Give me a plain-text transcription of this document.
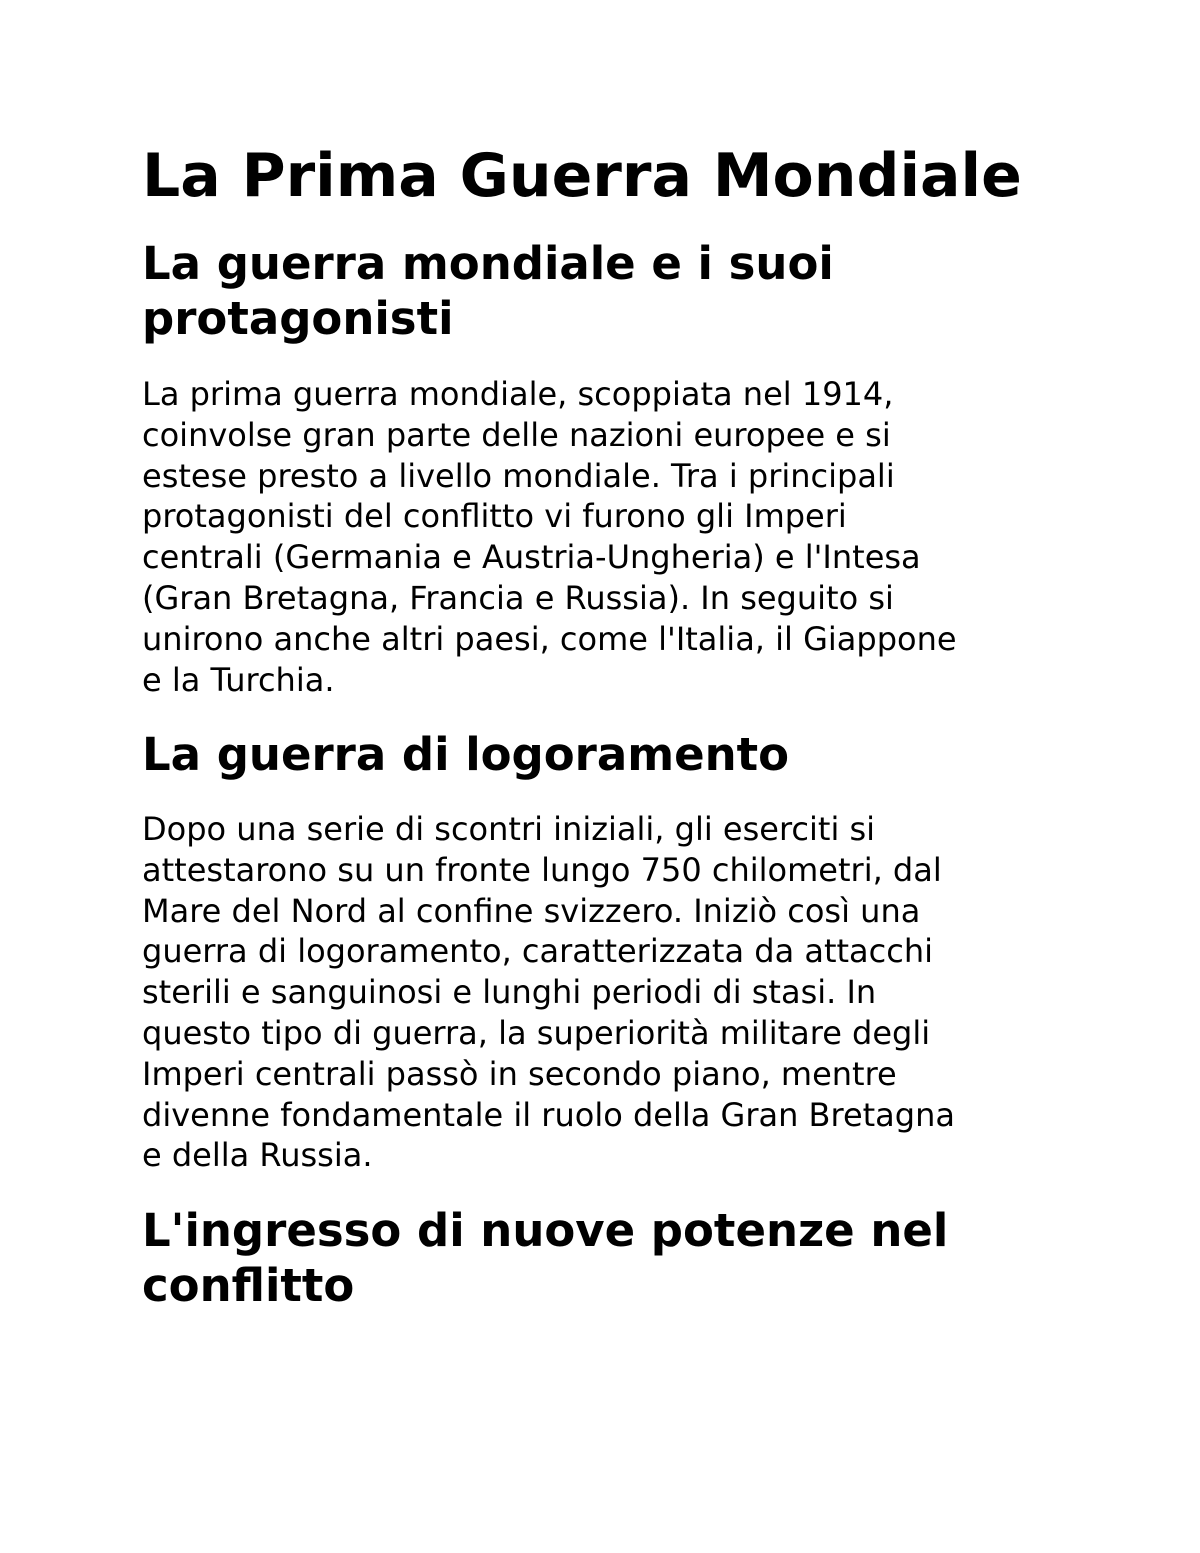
La Prima Guerra Mondiale
La guerra mondiale e i suoi
protagonisti

La prima guerra mondiale, scoppiata nel 1914,
coinvolse gran parte delle nazioni europee e si
estese presto a livello mondiale. Tra i principali
protagonisti del conflitto vi furono gli Imperi
centrali (Germania e Austria-Ungheria) e l'Intesa
(Gran Bretagna, Francia e Russia). In seguito si
unirono anche altri paesi, come l'Italia, il Giappone
e la Turchia.

La guerra di logoramento

Dopo una serie di scontri iniziali, gli eserciti si
attestarono su un fronte lungo 750 chilometri, dal
Mare del Nord al confine svizzero. Iniziò così una
guerra di logoramento, caratterizzata da attacchi
sterili e sanguinosi e lunghi periodi di stasi. In
questo tipo di guerra, la superiorità militare degli
Imperi centrali passò in secondo piano, mentre
divenne fondamentale il ruolo della Gran Bretagna
e della Russia.

L'ingresso di nuove potenze nel
conflitto
